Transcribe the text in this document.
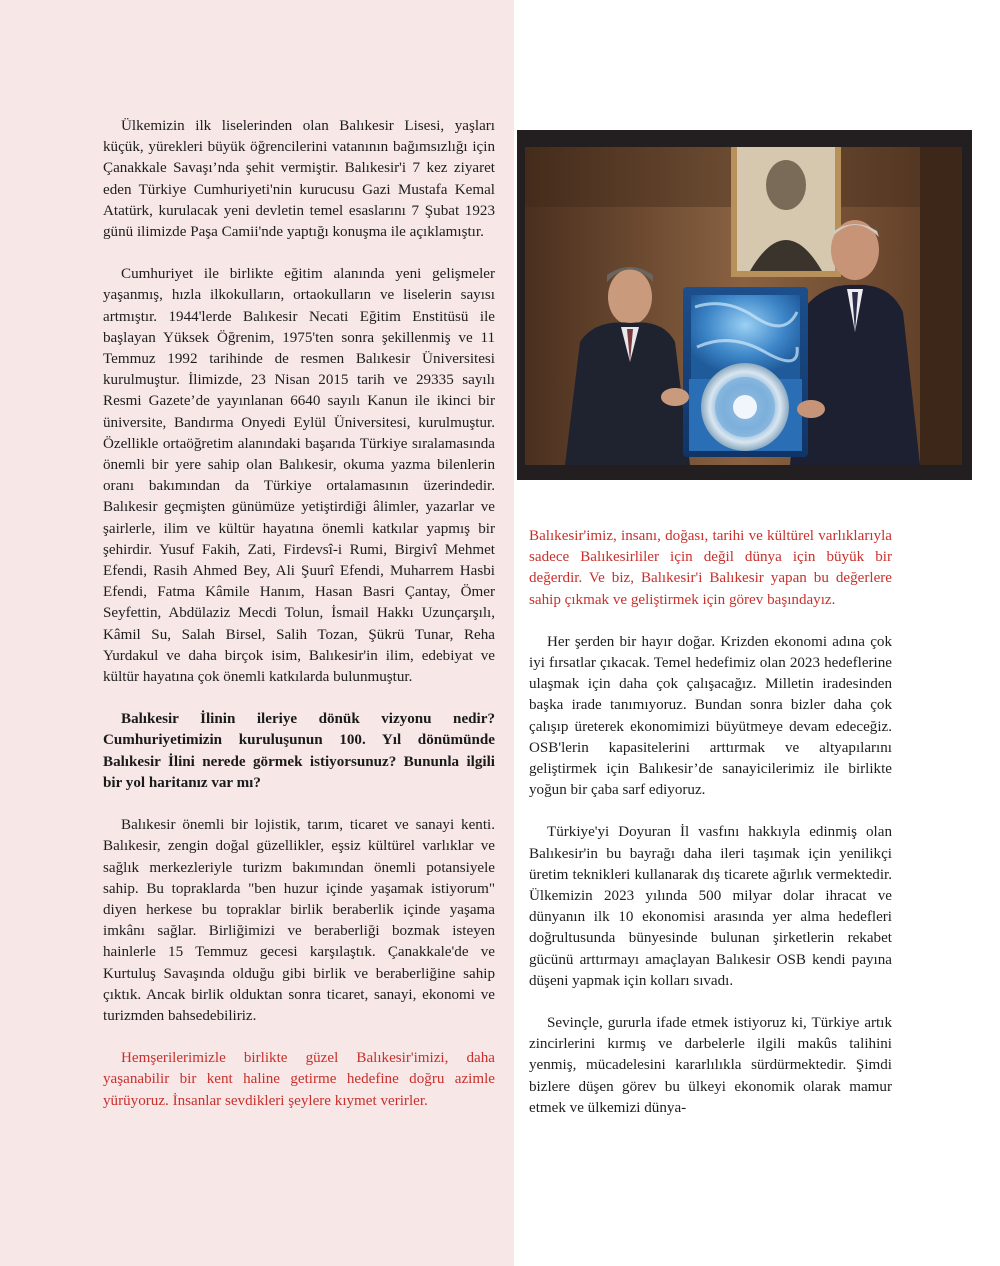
Ülkemizin ilk liselerinden olan Balıkesir Lisesi, yaşları küçük, yürekleri büyük öğrencilerini vatanının bağımsızlığı için Çanakkale Savaşı’nda şehit vermiştir. Balıkesir'i 7 kez ziyaret eden Türkiye Cumhuriyeti'nin kurucusu Gazi Mustafa Kemal Atatürk, kurulacak yeni devletin temel esaslarını 7 Şubat 1923 günü ilimizde Paşa Camii'nde yaptığı konuşma ile açıklamıştır.

Cumhuriyet ile birlikte eğitim alanında yeni gelişmeler yaşanmış, hızla ilkokulların, ortaokulların ve liselerin sayısı artmıştır. 1944'lerde Balıkesir Necati Eğitim Enstitüsü ile başlayan Yüksek Öğrenim, 1975'ten sonra şekillenmiş ve 11 Temmuz 1992 tarihinde de resmen Balıkesir Üniversitesi kurulmuştur. İlimizde, 23 Nisan 2015 tarih ve 29335 sayılı Resmi Gazete’de yayınlanan 6640 sayılı Kanun ile ikinci bir üniversite, Bandırma Onyedi Eylül Üniversitesi, kurulmuştur. Özellikle ortaöğretim alanındaki başarıda Türkiye sıralamasında önemli bir yere sahip olan Balıkesir, okuma yazma bilenlerin oranı bakımından da Türkiye ortalamasının üzerindedir. Balıkesir geçmişten günümüze yetiştirdiği âlimler, yazarlar ve şairlerle, ilim ve kültür hayatına önemli katkılar yapmış bir şehirdir. Yusuf Fakih, Zati, Firdevsî-i Rumi, Birgivî Mehmet Efendi, Rasih Ahmed Bey, Ali Şuurî Efendi, Muharrem Hasbi Efendi, Fatma Kâmile Hanım, Hasan Basri Çantay, Ömer Seyfettin, Abdülaziz Mecdi Tolun, İsmail Hakkı Uzunçarşılı, Kâmil Su, Salah Birsel, Salih Tozan, Şükrü Tunar, Reha Yurdakul ve daha birçok isim, Balıkesir'in ilim, edebiyat ve kültür hayatına çok önemli katkılarda bulunmuştur.

Balıkesir İlinin ileriye dönük vizyonu nedir? Cumhuriyetimizin kuruluşunun 100. Yıl dönümünde Balıkesir İlini nerede görmek istiyorsunuz? Bununla ilgili bir yol haritanız var mı?

Balıkesir önemli bir lojistik, tarım, ticaret ve sanayi kenti. Balıkesir, zengin doğal güzellikler, eşsiz kültürel varlıklar ve sağlık merkezleriyle turizm bakımından önemli potansiyele sahip. Bu topraklarda "ben huzur içinde yaşamak istiyorum" diyen herkese bu topraklar birlik beraberlik içinde yaşama imkânı sağlar. Birliğimizi ve beraberliği bozmak isteyen hainlerle 15 Temmuz gecesi karşılaştık. Çanakkale'de ve Kurtuluş Savaşında olduğu gibi birlik ve beraberliğine sahip çıktık. Ancak birlik olduktan sonra ticaret, sanayi, ekonomi ve turizmden bahsedebiliriz.

Hemşerilerimizle birlikte güzel Balıkesir'imizi, daha yaşanabilir bir kent haline getirme hedefine doğru azimle yürüyoruz. İnsanlar sevdikleri şeylere kıymet verirler.

Balıkesir'imiz, insanı, doğası, tarihi ve kültürel varlıklarıyla sadece Balıkesirliler için değil dünya için büyük bir değerdir. Ve biz, Balıkesir'i Balıkesir yapan bu değerlere sahip çıkmak ve geliştirmek için görev başındayız.

Her şerden bir hayır doğar. Krizden ekonomi adına çok iyi fırsatlar çıkacak. Temel hedefimiz olan 2023 hedeflerine ulaşmak için daha çok çalışacağız. Milletin iradesinden başka irade tanımıyoruz. Bundan sonra bizler daha çok çalışıp üreterek ekonomimizi büyütmeye devam edeceğiz. OSB'lerin kapasitelerini arttırmak ve altyapılarını geliştirmek için Balıkesir’de sanayicilerimiz ile birlikte yoğun bir çaba sarf ediyoruz.

Türkiye'yi Doyuran İl vasfını hakkıyla edinmiş olan Balıkesir'in bu bayrağı daha ileri taşımak için yenilikçi üretim teknikleri kullanarak dış ticarete ağırlık vermektedir. Ülkemizin 2023 yılında 500 milyar dolar ihracat ve dünyanın ilk 10 ekonomisi arasında yer alma hedefleri doğrultusunda bünyesinde bulunan şirketlerin rekabet gücünü arttırmayı amaçlayan Balıkesir OSB kendi payına düşeni yapmak için kolları sıvadı.

Sevinçle, gururla ifade etmek istiyoruz ki, Türkiye artık zincirlerini kırmış ve darbelerle ilgili makûs talihini yenmiş, mücadelesini kararlılıkla sürdürmektedir. Şimdi bizlere düşen görev bu ülkeyi ekonomik olarak mamur etmek ve ülkemizi dünya-
